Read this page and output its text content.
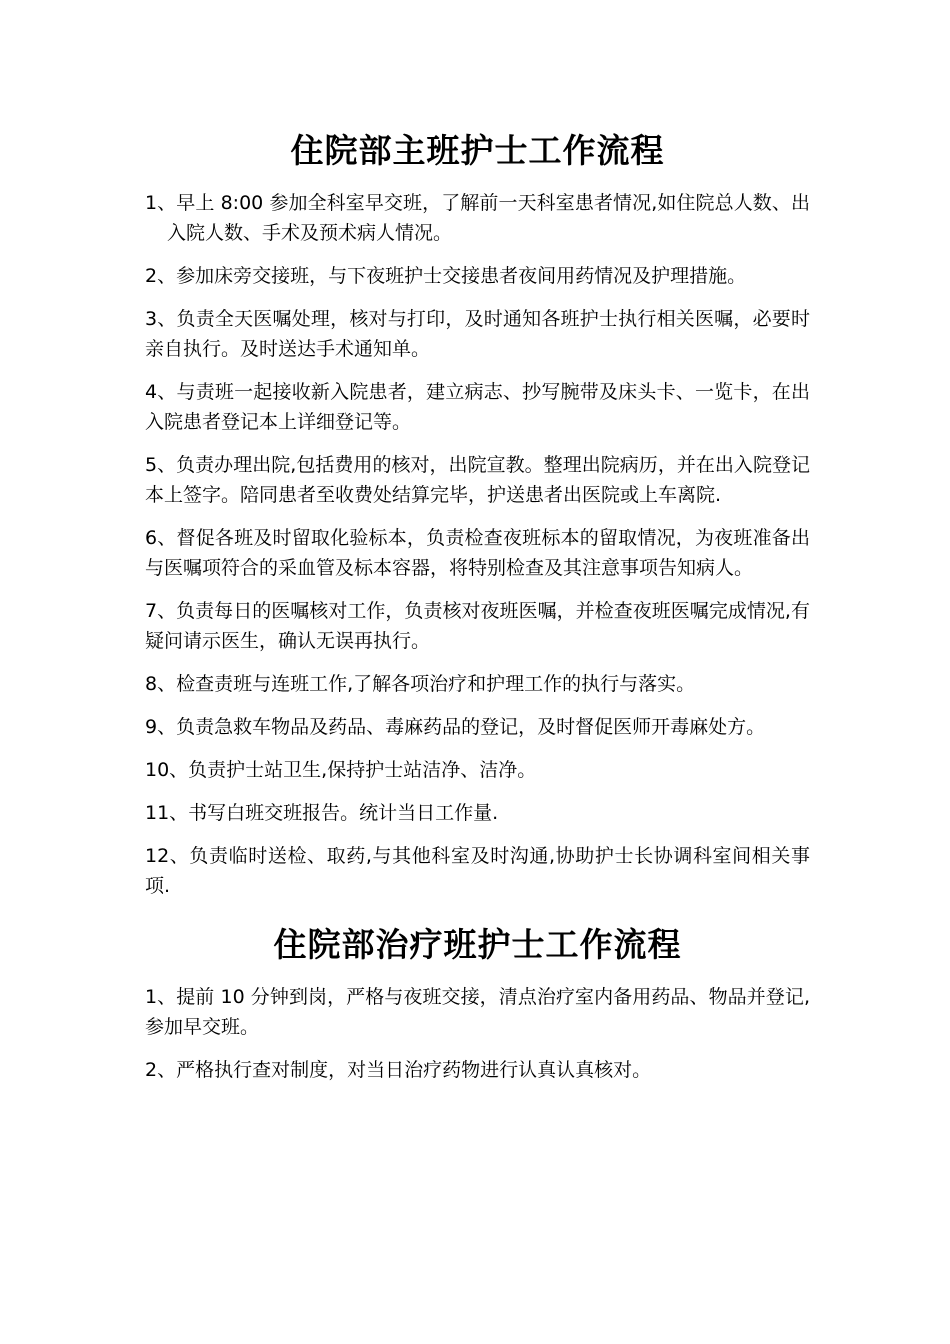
住院部主班护士工作流程

1、早上 8:00 参加全科室早交班，了解前一天科室患者情况,如住院总人数、出入院人数、手术及预术病人情况。

2、参加床旁交接班，与下夜班护士交接患者夜间用药情况及护理措施。

3、负责全天医嘱处理，核对与打印，及时通知各班护士执行相关医嘱，必要时亲自执行。及时送达手术通知单。

4、与责班一起接收新入院患者，建立病志、抄写腕带及床头卡、一览卡，在出入院患者登记本上详细登记等。

5、负责办理出院,包括费用的核对，出院宣教。整理出院病历，并在出入院登记本上签字。陪同患者至收费处结算完毕，护送患者出医院或上车离院.

6、督促各班及时留取化验标本，负责检查夜班标本的留取情况，为夜班准备出与医嘱项符合的采血管及标本容器，将特别检查及其注意事项告知病人。

7、负责每日的医嘱核对工作，负责核对夜班医嘱，并检查夜班医嘱完成情况,有疑问请示医生，确认无误再执行。

8、检查责班与连班工作,了解各项治疗和护理工作的执行与落实。

9、负责急救车物品及药品、毒麻药品的登记，及时督促医师开毒麻处方。

10、负责护士站卫生,保持护士站洁净、洁净。

11、书写白班交班报告。统计当日工作量.

12、负责临时送检、取药,与其他科室及时沟通,协助护士长协调科室间相关事项.

住院部治疗班护士工作流程

1、提前 10 分钟到岗，严格与夜班交接，清点治疗室内备用药品、物品并登记,参加早交班。

2、严格执行查对制度，对当日治疗药物进行认真认真核对。
